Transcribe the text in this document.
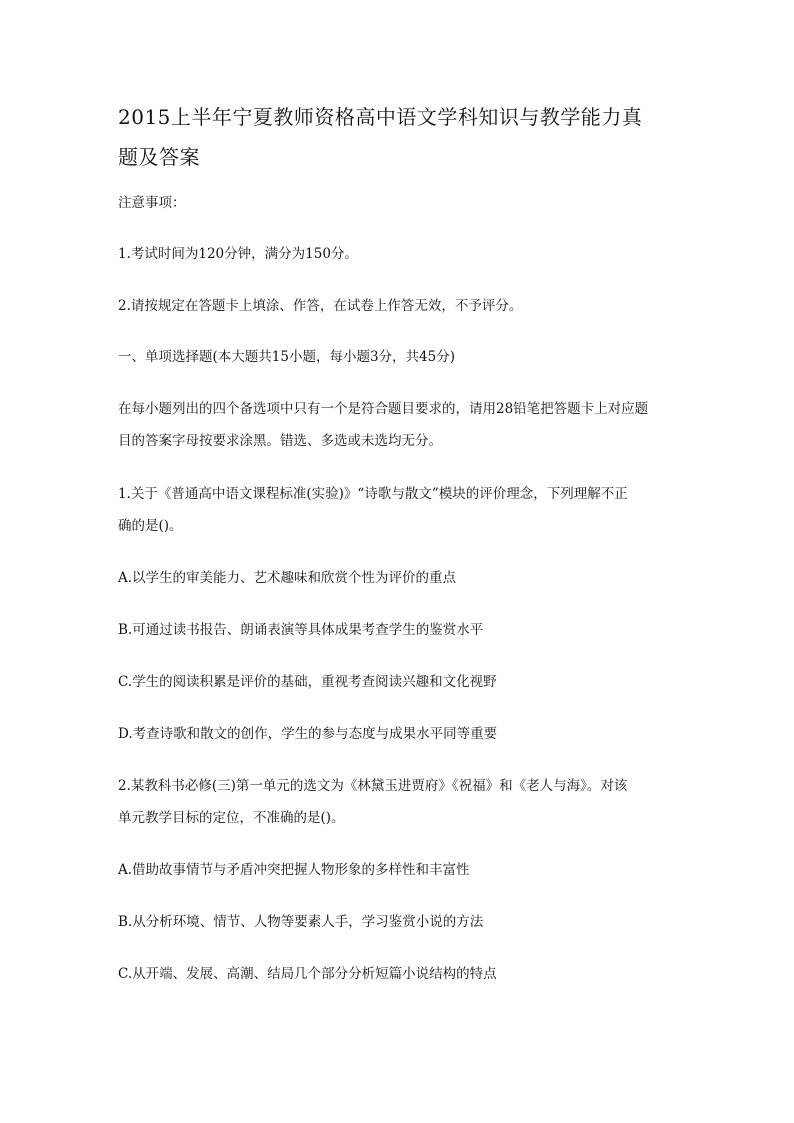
2015上半年宁夏教师资格高中语文学科知识与教学能力真
题及答案

注意事项：

1.考试时间为120分钟，满分为150分。

2.请按规定在答题卡上填涂、作答，在试卷上作答无效，不予评分。

一、单项选择题(本大题共15小题，每小题3分，共45分)

在每小题列出的四个备选项中只有一个是符合题目要求的，请用28铅笔把答题卡上对应题

目的答案字母按要求涂黑。错选、多选或未选均无分。

1.关于《普通高中语文课程标准(实验)》“诗歌与散文”模块的评价理念，下列理解不正

确的是()。

A.以学生的审美能力、艺术趣味和欣赏个性为评价的重点

B.可通过读书报告、朗诵表演等具体成果考查学生的鉴赏水平

C.学生的阅读积累是评价的基础，重视考查阅读兴趣和文化视野

D.考查诗歌和散文的创作，学生的参与态度与成果水平同等重要

2.某教科书必修(三)第一单元的选文为《林黛玉进贾府》《祝福》和《老人与海》。对该

单元教学目标的定位，不准确的是()。

A.借助故事情节与矛盾冲突把握人物形象的多样性和丰富性

B.从分析环境、情节、人物等要素人手，学习鉴赏小说的方法

C.从开端、发展、高潮、结局几个部分分析短篇小说结构的特点
